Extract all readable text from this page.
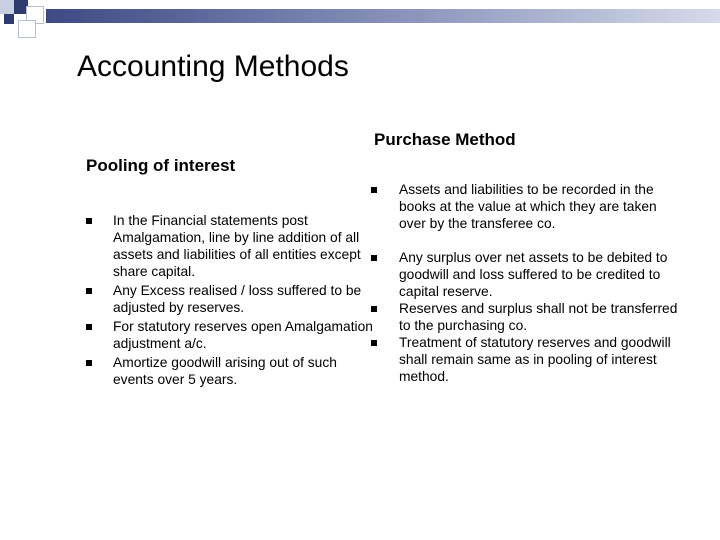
Accounting Methods
Purchase Method
Pooling of interest
In the Financial statements post Amalgamation, line by line addition of all assets and liabilities of all entities except share capital.
Any Excess realised / loss suffered to be adjusted by reserves.
For statutory reserves open Amalgamation adjustment a/c.
Amortize goodwill arising out of such events over 5 years.
Assets and liabilities to be recorded in the books at the value at which they are taken over by the transferee co.
Any surplus over net assets to be debited to goodwill and loss suffered to be credited to capital reserve.
Reserves and surplus shall not be transferred to the purchasing co.
Treatment of statutory reserves and goodwill shall remain same as in pooling of interest method.
